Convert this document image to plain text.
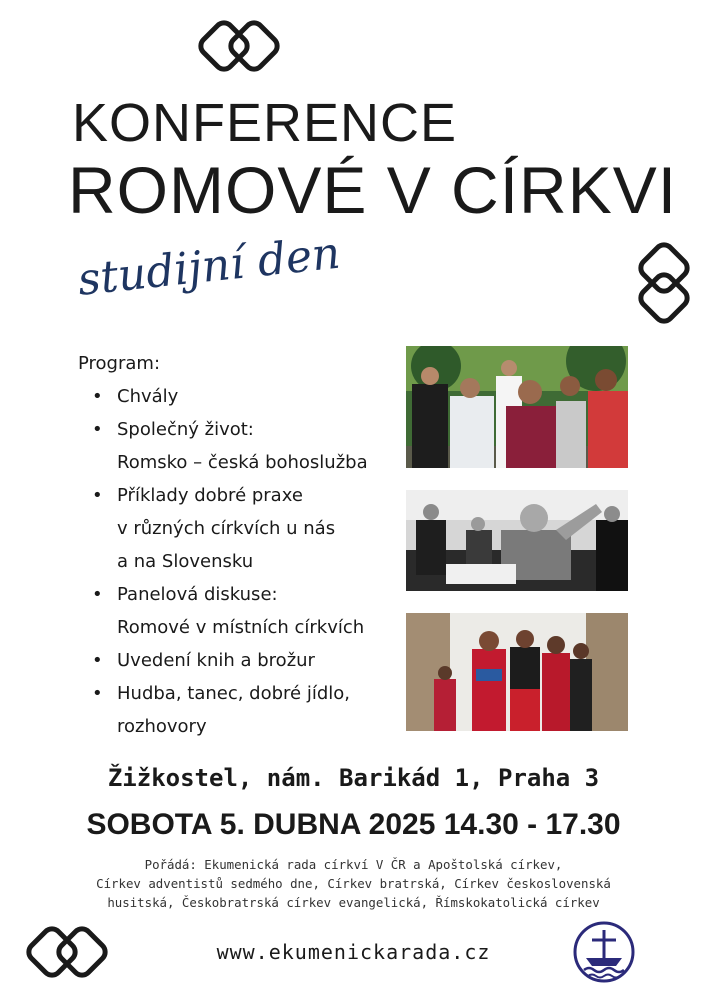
KONFERENCE
ROMOVÉ V CÍRKVI
studijní den
Program:
• Chvály
• Společný život:
Romsko – česká bohoslužba
• Příklady dobré praxe
v různých církvích u nás
a na Slovensku
• Panelová diskuse:
Romové v místních církvích
• Uvedení knih a brožur
• Hudba, tanec, dobré jídlo,
rozhovory
Žižkostel, nám. Barikád 1, Praha 3
SOBOTA 5. DUBNA 2025 14.30 - 17.30
Pořádá: Ekumenická rada církví V ČR a Apoštolská církev,
Církev adventistů sedmého dne, Církev bratrská, Církev československá
husitská, Českobratrská církev evangelická, Římskokatolická církev
www.ekumenickarada.cz
